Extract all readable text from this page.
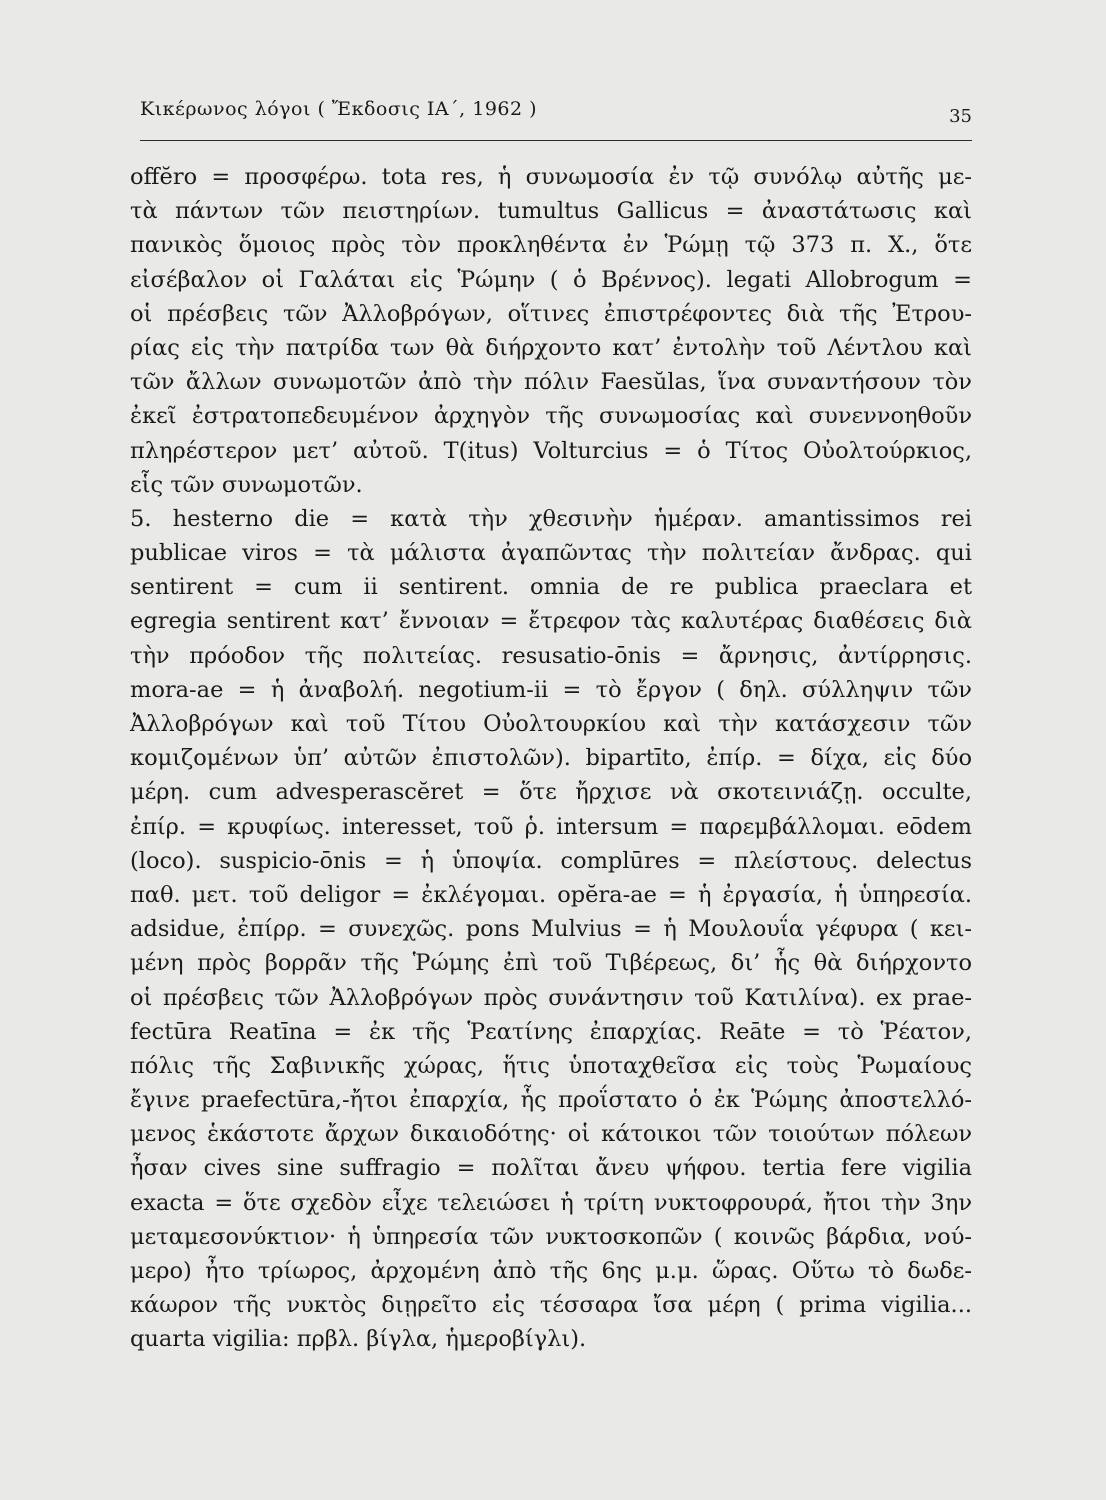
Κικέρωνος λόγοι ( Ἔκδοσις ΙΑ΄, 1962 )	35
offĕro = προσφέρω. tota res, ἡ συνωμοσία ἐν τῷ συνόλῳ αὐτῆς με-
τὰ πάντων τῶν πειστηρίων. tumultus Gallicus = ἀναστάτωσις καὶ
πανικὸς ὅμοιος πρὸς τὸν προκληθέντα ἐν Ῥώμῃ τῷ 373 π. Χ., ὅτε
εἰσέβαλον οἱ Γαλάται εἰς Ῥώμην ( ὁ Βρέννος). legati Allobrogum =
οἱ πρέσβεις τῶν Ἀλλοβρόγων, οἵτινες ἐπιστρέφοντες διὰ τῆς Ἐτρου-
ρίας εἰς τὴν πατρίδα των θὰ διήρχοντο κατ’ ἐντολὴν τοῦ Λέντλου καὶ
τῶν ἄλλων συνωμοτῶν ἀπὸ τὴν πόλιν Faesŭlas, ἵνα συναντήσουν τὸν
ἐκεῖ ἐστρατοπεδευμένον ἀρχηγὸν τῆς συνωμοσίας καὶ συνεννοηθοῦν
πληρέστερον μετ’ αὐτοῦ. T(itus) Volturcius = ὁ Τίτος Οὐολτούρκιος,
εἷς τῶν συνωμοτῶν.
5. hesterno die = κατὰ τὴν χθεσινὴν ἡμέραν. amantissimos rei
publicae viros = τὰ μάλιστα ἀγαπῶντας τὴν πολιτείαν ἄνδρας. qui
sentirent = cum ii sentirent. omnia de re publica praeclara et
egregia sentirent κατ’ ἔννοιαν = ἔτρεφον τὰς καλυτέρας διαθέσεις διὰ
τὴν πρόοδον τῆς πολιτείας. resusatio-ōnis = ἄρνησις, ἀντίρρησις.
mora-ae = ἡ ἀναβολή. negotium-ii = τὸ ἔργον ( δηλ. σύλληψιν τῶν
Ἀλλοβρόγων καὶ τοῦ Τίτου Οὐολτουρκίου καὶ τὴν κατάσχεσιν τῶν
κομιζομένων ὑπ’ αὐτῶν ἐπιστολῶν). bipartīto, ἐπίρ. = δίχα, εἰς δύο
μέρη. cum advesperascĕret = ὅτε ἤρχισε νὰ σκοτεινιάζῃ. occulte,
ἐπίρ. = κρυφίως. interesset, τοῦ ῥ. intersum = παρεμβάλλομαι. eōdem
(loco). suspicio-ōnis = ἡ ὑποψία. complūres = πλείστους. delectus
παθ. μετ. τοῦ deligor = ἐκλέγομαι. opĕra-ae = ἡ ἐργασία, ἡ ὑπηρεσία.
adsidue, ἐπίρρ. = συνεχῶς. pons Mulvius = ἡ Μουλουΐα γέφυρα ( κει-
μένη πρὸς βορρᾶν τῆς Ῥώμης ἐπὶ τοῦ Τιβέρεως, δι’ ἧς θὰ διήρχοντο
οἱ πρέσβεις τῶν Ἀλλοβρόγων πρὸς συνάντησιν τοῦ Κατιλίνα). ex prae-
fectūra Reatīna = ἐκ τῆς Ῥεατίνης ἐπαρχίας. Reāte = τὸ Ῥέατον,
πόλις τῆς Σαβινικῆς χώρας, ἥτις ὑποταχθεῖσα εἰς τοὺς Ῥωμαίους
ἔγινε praefectūra,-ἤτοι ἐπαρχία, ἧς προΐστατο ὁ ἐκ Ῥώμης ἀποστελλό-
μενος ἑκάστοτε ἄρχων δικαιοδότης· οἱ κάτοικοι τῶν τοιούτων πόλεων
ἦσαν cives sine suffragio = πολῖται ἄνευ ψήφου. tertia fere vigilia
exacta = ὅτε σχεδὸν εἶχε τελειώσει ἡ τρίτη νυκτοφρουρά, ἤτοι τὴν 3ην
μεταμεσονύκτιον· ἡ ὑπηρεσία τῶν νυκτοσκοπῶν ( κοινῶς βάρδια, νού-
μερο) ἦτο τρίωρος, ἀρχομένη ἀπὸ τῆς 6ης μ.μ. ὥρας. Οὕτω τὸ δωδε-
κάωρον τῆς νυκτὸς διῃρεῖτο εἰς τέσσαρα ἴσα μέρη ( prima vigilia...
quarta vigilia: πρβλ. βίγλα, ἡμεροβίγλι).
